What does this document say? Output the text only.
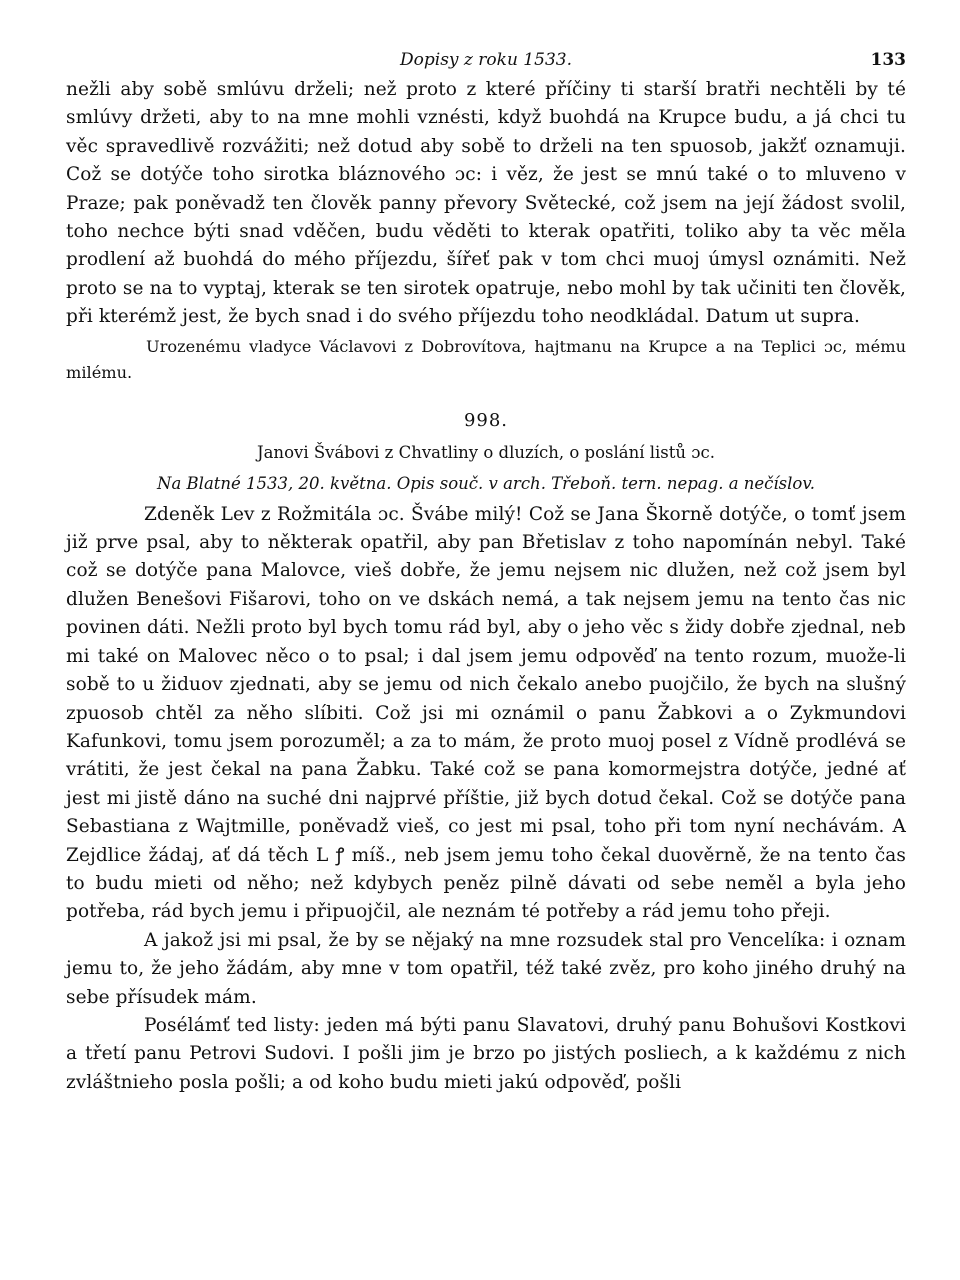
Dopisy z roku 1533.	133

nežli aby sobě smlúvu drželi; než proto z které příčiny ti starší bratři nechtěli by té smlúvy držeti, aby to na mne mohli vznésti, když buohdá na Krupce budu, a já chci tu věc spravedlivě rozvážiti; než dotud aby sobě to drželi na ten spuosob, jakžť oznamuji. Což se dotýče toho sirotka bláznového ɔc: i věz, že jest se mnú také o to mluveno v Praze; pak poněvadž ten člověk panny převory Světecké, což jsem na její žádost svolil, toho nechce býti snad vděčen, budu věděti to kterak opatřiti, toliko aby ta věc měla prodlení až buohdá do mého příjezdu, šířeť pak v tom chci muoj úmysl oznámiti. Než proto se na to vyptaj, kterak se ten sirotek opatruje, nebo mohl by tak učiniti ten člověk, při kterémž jest, že bych snad i do svého příjezdu toho neodkládal. Datum ut supra.

Urozenému vladyce Václavovi z Dobrovítova, hajtmanu na Krupce a na Teplici ɔc, mému milému.

998.
Janovi Švábovi z Chvatliny o dluzích, o poslání listů ɔc.
Na Blatné 1533, 20. května. Opis souč. v arch. Třeboň. tern. nepag. a nečíslov.

Zdeněk Lev z Rožmitála ɔc. Švábe milý! Což se Jana Škorně dotýče, o tomť jsem již prve psal, aby to některak opatřil, aby pan Břetislav z toho napomínán nebyl. Také což se dotýče pana Malovce, vieš dobře, že jemu nejsem nic dlužen, než což jsem byl dlužen Benešovi Fišarovi, toho on ve dskách nemá, a tak nejsem jemu na tento čas nic povinen dáti. Nežli proto byl bych tomu rád byl, aby o jeho věc s židy dobře zjednal, neb mi také on Malovec něco o to psal; i dal jsem jemu odpověď na tento rozum, muože-li sobě to u židuov zjednati, aby se jemu od nich čekalo anebo puojčilo, že bych na slušný zpuosob chtěl za něho slíbiti. Což jsi mi oznámil o panu Žabkovi a o Zykmundovi Kafunkovi, tomu jsem porozuměl; a za to mám, že proto muoj posel z Vídně prodlévá se vrátiti, že jest čekal na pana Žabku. Také což se pana komormejstra dotýče, jedné ať jest mi jistě dáno na suché dni najprvé příštie, již bych dotud čekal. Což se dotýče pana Sebastiana z Wajtmille, poněvadž vieš, co jest mi psal, toho při tom nyní nechávám. A Zejdlice žádaj, ať dá těch L ꝭ míš., neb jsem jemu toho čekal duověrně, že na tento čas to budu mieti od něho; než kdybych peněz pilně dávati od sebe neměl a byla jeho potřeba, rád bych jemu i připuojčil, ale neznám té potřeby a rád jemu toho přeji.

A jakož jsi mi psal, že by se nějaký na mne rozsudek stal pro Vencelíka: i oznam jemu to, že jeho žádám, aby mne v tom opatřil, též také zvěz, pro koho jiného druhý na sebe přísudek mám.

Posélámť ted listy: jeden má býti panu Slavatovi, druhý panu Bohušovi Kostkovi a třetí panu Petrovi Sudovi. I pošli jim je brzo po jistých posliech, a k každému z nich zvláštnieho posla pošli; a od koho budu mieti jakú odpověď, pošli
